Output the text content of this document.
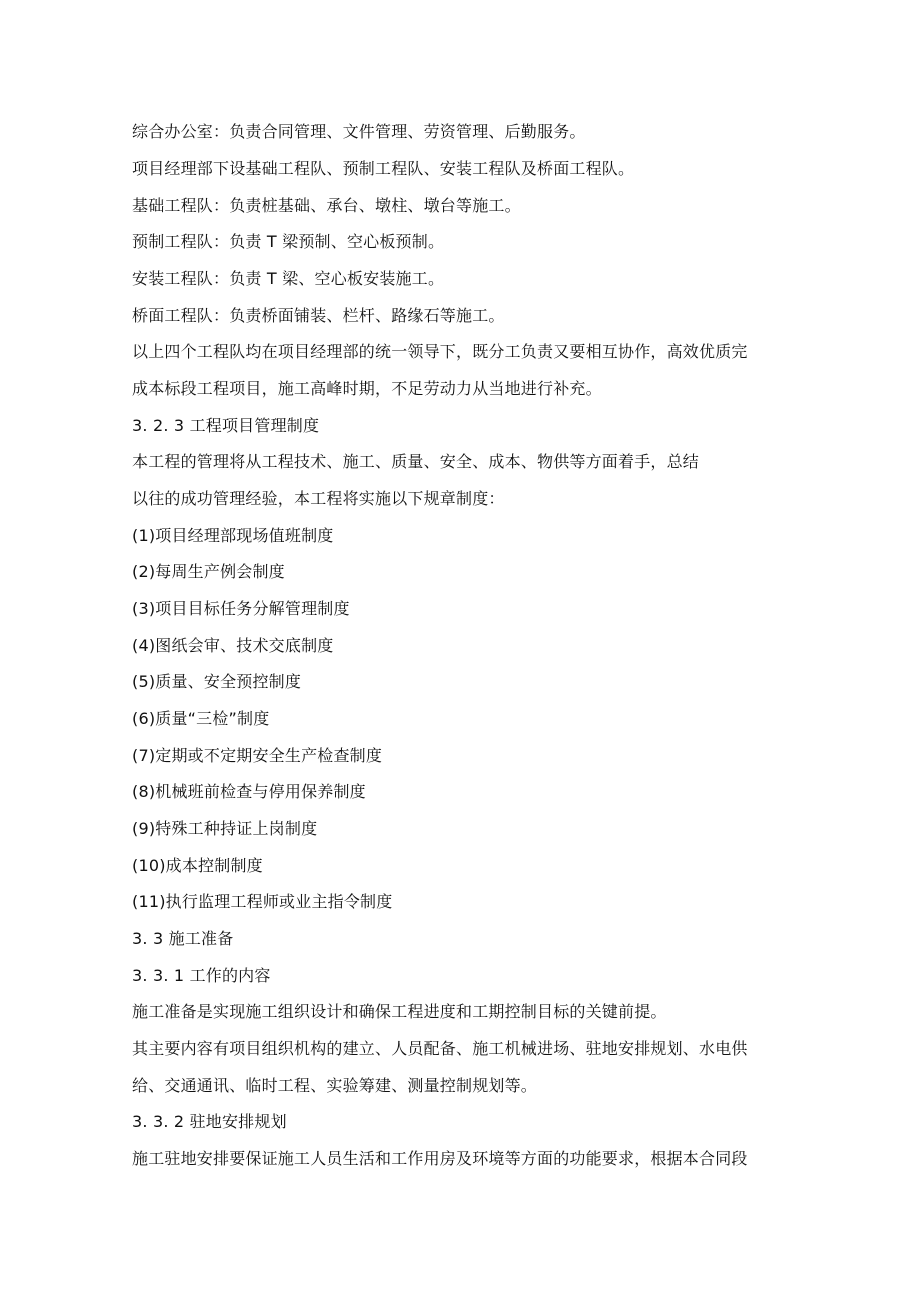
综合办公室：负责合同管理、文件管理、劳资管理、后勤服务。
项目经理部下设基础工程队、预制工程队、安装工程队及桥面工程队。
基础工程队：负责桩基础、承台、墩柱、墩台等施工。
预制工程队：负责 T 梁预制、空心板预制。
安装工程队：负责 T 梁、空心板安装施工。
桥面工程队：负责桥面铺装、栏杆、路缘石等施工。
以上四个工程队均在项目经理部的统一领导下，既分工负责又要相互协作，高效优质完
成本标段工程项目，施工高峰时期，不足劳动力从当地进行补充。
3. 2. 3 工程项目管理制度
本工程的管理将从工程技术、施工、质量、安全、成本、物供等方面着手，总结
以往的成功管理经验，本工程将实施以下规章制度：
(1)项目经理部现场值班制度
(2)每周生产例会制度
(3)项目目标任务分解管理制度
(4)图纸会审、技术交底制度
(5)质量、安全预控制度
(6)质量“三检”制度
(7)定期或不定期安全生产检查制度
(8)机械班前检查与停用保养制度
(9)特殊工种持证上岗制度
(10)成本控制制度
(11)执行监理工程师或业主指令制度
3. 3 施工准备
3. 3. 1 工作的内容
施工准备是实现施工组织设计和确保工程进度和工期控制目标的关键前提。
其主要内容有项目组织机构的建立、人员配备、施工机械进场、驻地安排规划、水电供
给、交通通讯、临时工程、实验筹建、测量控制规划等。
3. 3. 2 驻地安排规划
施工驻地安排要保证施工人员生活和工作用房及环境等方面的功能要求，根据本合同段
